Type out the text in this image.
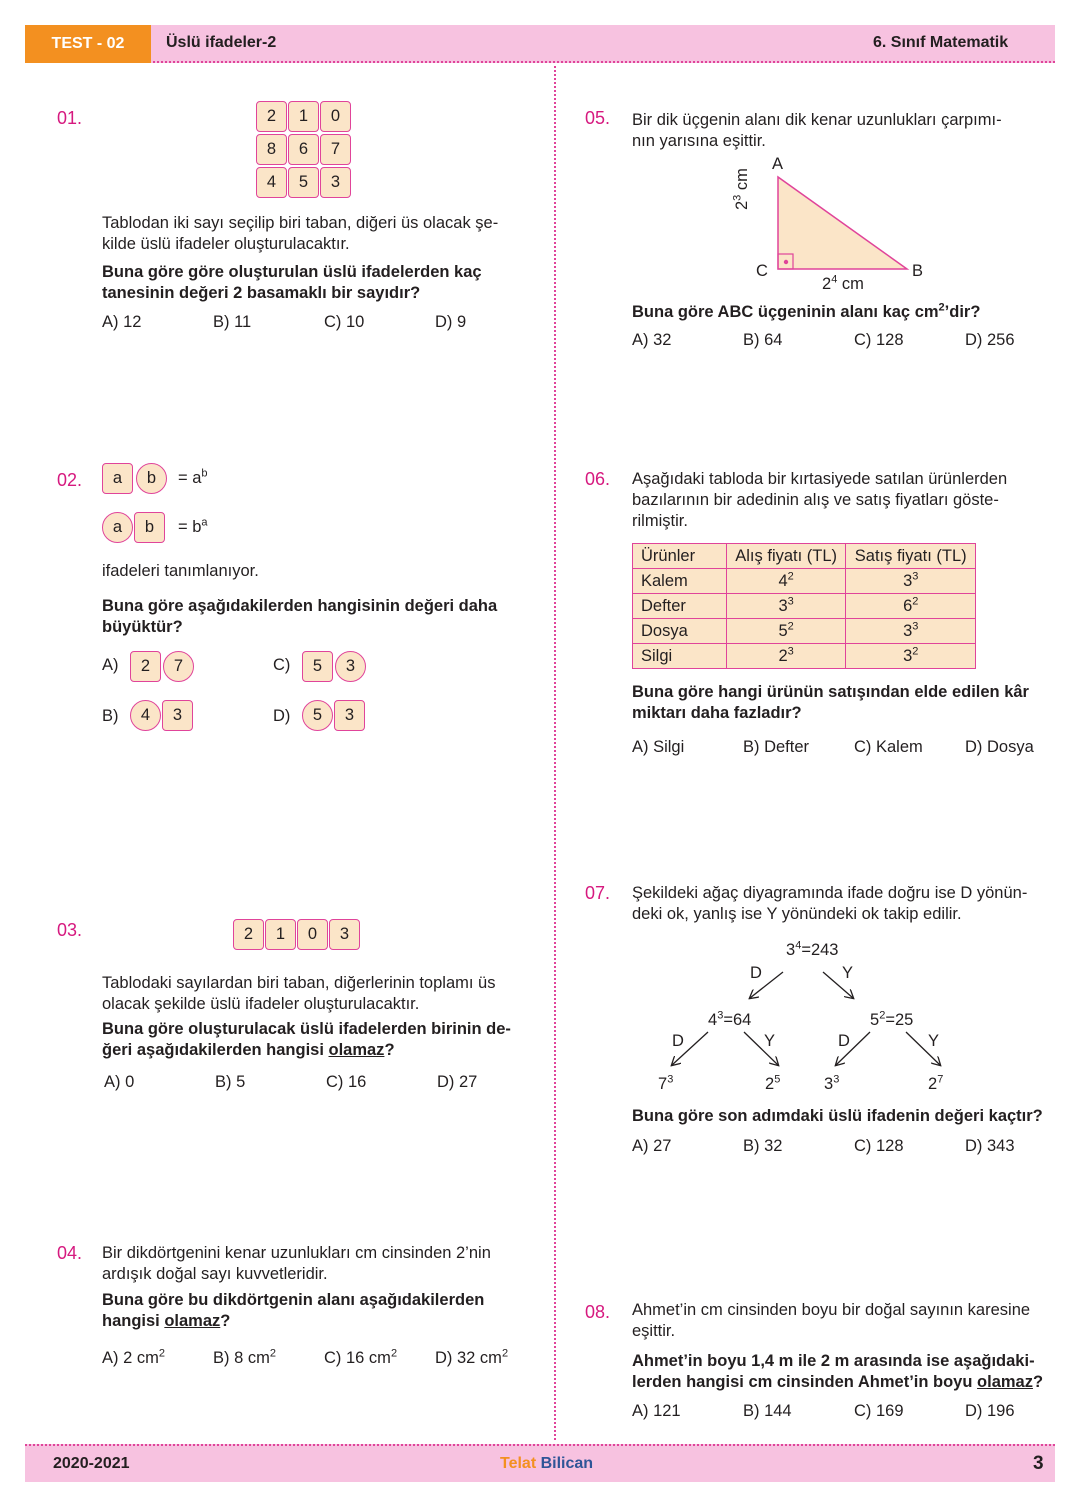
TEST - 02	Üslü ifadeler-2	6. Sınıf Matematik
01.	2	1	0
8	6	7
4	5	3
Tablodan iki sayı seçilip biri taban, diğeri üs olacak şe-
kilde üslü ifadeler oluşturulacaktır.
Buna göre göre oluşturulan üslü ifadelerden kaç
tanesinin değeri 2 basamaklı bir sayıdır?
A) 12	B) 11	C) 10	D) 9
02.	a	b	= $a^b$
a	b	= $b^a$
ifadeleri tanımlanıyor.
Buna göre aşağıdakilerden hangisinin değeri daha
büyüktür?
A)	2	7
B)	4	3
C)	5	3
D)	5	3
03.	2	1	0	3
Tablodaki sayılardan biri taban, diğerlerinin toplamı üs
olacak şekilde üslü ifadeler oluşturulacaktır.
Buna göre oluşturulacak üslü ifadelerden birinin de-
ğeri aşağıdakilerden hangisi olamaz?
A) 0	B) 5	C) 16	D) 27
04. Bir dikdörtgenini kenar uzunlukları cm cinsinden 2’nin
ardışık doğal sayı kuvvetleridir.
Buna göre bu dikdörtgenin alanı aşağıdakilerden
hangisi olamaz?
A) 2 $cm^2$	B) 8 $cm^2$	C) 16 $cm^2$ D) 32 $cm^2$
05. Bir dik üçgenin alanı dik kenar uzunlukları çarpımı-
nın yarısına eşittir.
A
B
C
$2^3$ cm
$2^4$ cm
Buna göre ABC üçgeninin alanı kaç $cm^2’dir$?
A) 32	B) 64	C) 128	D) 256
06. Aşağıdaki tabloda bir kırtasiyede satılan ürünlerden
bazılarının bir adedinin alış ve satış fiyatları göste-
rilmiştir.
Ürünler	Alış fiyatı (TL)	Satış fiyatı (TL)
Kalem	$4^2$	$3^3$
Defter	$3^3$	$6^2$
Dosya	$5^2$	$3^3$
Silgi	$2^3$	$3^2$
Buna göre hangi ürünün satışından elde edilen kâr
miktarı daha fazladır?
A) Silgi	B) Defter	C) Kalem	D) Dosya
07. Şekildeki ağaç diyagramında ifade doğru ise D yönün-
deki ok, yanlış ise Y yönündeki ok takip edilir.
$3^4=243$
D	Y
$4^3=64$	$5^2=25$
D	Y	D	Y
$7^3$	$2^5$	$3^3$	$2^7$
Buna göre son adımdaki üslü ifadenin değeri kaçtır?
A) 27	B) 32	C) 128	D) 343
08. Ahmet’in cm cinsinden boyu bir doğal sayının karesine
eşittir.
Ahmet’in boyu 1,4 m ile 2 m arasında ise aşağıdaki-
lerden hangisi cm cinsinden Ahmet’in boyu olamaz?
A) 121	B) 144	C) 169	D) 196
2020-2021	Telat Bilican	3
